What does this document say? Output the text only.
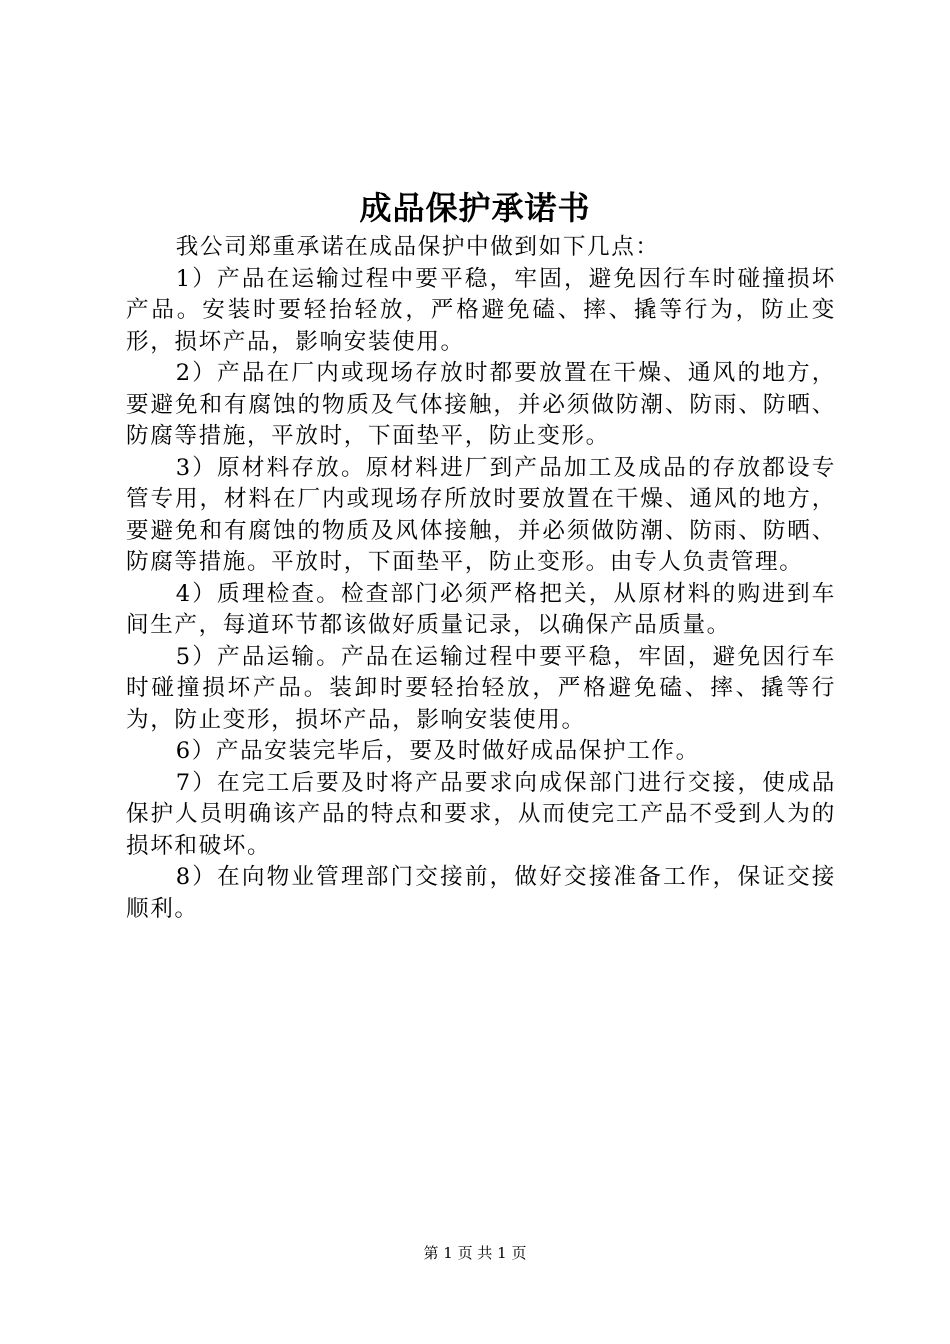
成品保护承诺书

我公司郑重承诺在成品保护中做到如下几点：

1）产品在运输过程中要平稳，牢固，避免因行车时碰撞损坏产品。安装时要轻抬轻放，严格避免磕、摔、撬等行为，防止变形，损坏产品，影响安装使用。

2）产品在厂内或现场存放时都要放置在干燥、通风的地方，要避免和有腐蚀的物质及气体接触，并必须做防潮、防雨、防晒、防腐等措施，平放时，下面垫平，防止变形。

3）原材料存放。原材料进厂到产品加工及成品的存放都设专管专用，材料在厂内或现场存所放时要放置在干燥、通风的地方，要避免和有腐蚀的物质及风体接触，并必须做防潮、防雨、防晒、防腐等措施。平放时，下面垫平，防止变形。由专人负责管理。

4）质理检查。检查部门必须严格把关，从原材料的购进到车间生产，每道环节都该做好质量记录，以确保产品质量。

5）产品运输。产品在运输过程中要平稳，牢固，避免因行车时碰撞损坏产品。装卸时要轻抬轻放，严格避免磕、摔、撬等行为，防止变形，损坏产品，影响安装使用。

6）产品安装完毕后，要及时做好成品保护工作。

7）在完工后要及时将产品要求向成保部门进行交接，使成品保护人员明确该产品的特点和要求，从而使完工产品不受到人为的损坏和破坏。

8）在向物业管理部门交接前，做好交接准备工作，保证交接顺利。

第 1 页 共 1 页
